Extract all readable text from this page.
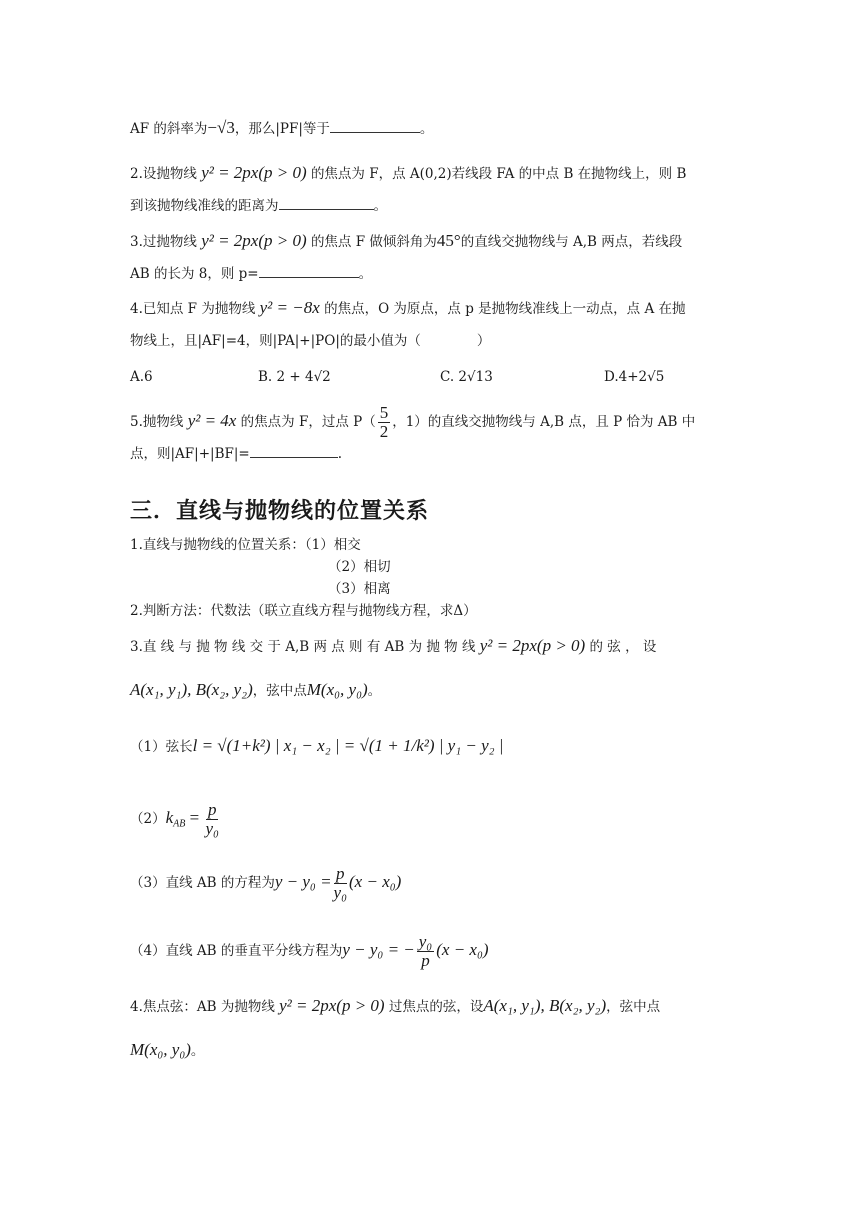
AF 的斜率为−√3，那么|PF|等于	。
2.设抛物线 y² = 2px(p > 0) 的焦点为 F，点 A(0,2)若线段 FA 的中点 B 在抛物线上，则 B
到该抛物线准线的距离为	。
3.过抛物线 y² = 2px(p > 0) 的焦点 F 做倾斜角为45°的直线交抛物线与 A,B 两点，若线段
AB 的长为 8，则 p=	。
4.已知点 F 为抛物线 y² = −8x 的焦点，O 为原点，点 p 是抛物线准线上一动点，点 A 在抛
物线上，且|AF|=4，则|PA|+|PO|的最小值为（	）
A.6	B. 2 + 4√2	C. 2√13	D.4+2√5
5.抛物线 y² = 4x 的焦点为 F，过点 $P( \frac{5}{2}$ ，1）的直线交抛物线与 A,B 点，且 P 恰为 AB 中
点，则|AF|+|BF|=	.
三．直线与抛物线的位置关系
1.直线与抛物线的位置关系：（1）相交
（2）相切
（3）相离
2.判断方法：代数法（联立直线方程与抛物线方程，求Δ）
3.直 线 与 抛 物 线 交 于 A,B 两 点 则 有 AB 为 抛 物 线 y² = 2px(p > 0) 的 弦 ， 设
A(x₁, y₁), B(x₂, y₂)，弦中点M(x₀, y₀)。
（1）弦长l = √(1+k²) | x₁ − x₂ | = √(1 + 1/k²) | y₁ − y₂ |
$(2)k_{AB} = \frac{p}{\text{y₀}}$
（3）直线 AB 的方程为$y - y_0 = \frac{p}{\text{y₀}} (x - x_0)$
（4）直线 AB 的垂直平分线方程为y − y₀ = − $\frac{\text{y₀}}{p} (x - x_0)$
4.焦点弦：AB 为抛物线 y² = 2px(p > 0) 过焦点的弦，设A(x₁, y₁), B(x₂, y₂)，弦中点
M(x₀, y₀)。
